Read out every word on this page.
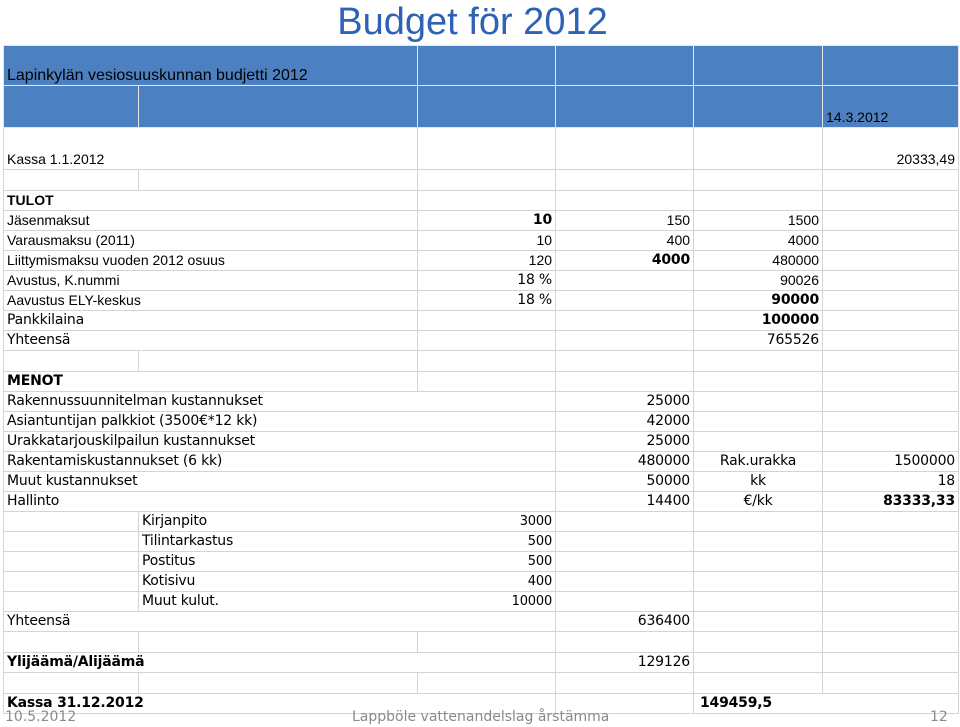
Budget för 2012
Lapinkylän vesiosuuskunnan budjetti 2012					
					14.3.2012
Kassa 1.1.2012					20333,49

TULOT					
Jäsenmaksut		10	150	1500	
Varausmaksu (2011)		10	400	4000	
Liittymismaksu vuoden 2012 osuus		120	4000	480000	
Avustus, K.nummi		18 %		90026	
Aavustus ELY-keskus		18 %		90000	
Pankkilaina				100000	
Yhteensä				765526	

MENOT					
Rakennussuunnitelman kustannukset			25000		
Asiantuntijan palkkiot (3500€*12 kk)			42000		
Urakkatarjouskilpailun kustannukset			25000		
Rakentamiskustannukset (6 kk)			480000	Rak.urakka	1500000
Muut kustannukset			50000	kk	18
Hallinto			14400	€/kk	83333,33
	Kirjanpito 3000				

	Tilintarkastus 500				

	Postitus 500				

	Kotisivu 400				

	Muut kulut. 10000				

Yhteensä			636400		

Ylijäämä/Alijäämä			129126		

Kassa 31.12.2012				149459,5	
10.5.2012	Lappböle vattenandelslag årstämma	12
